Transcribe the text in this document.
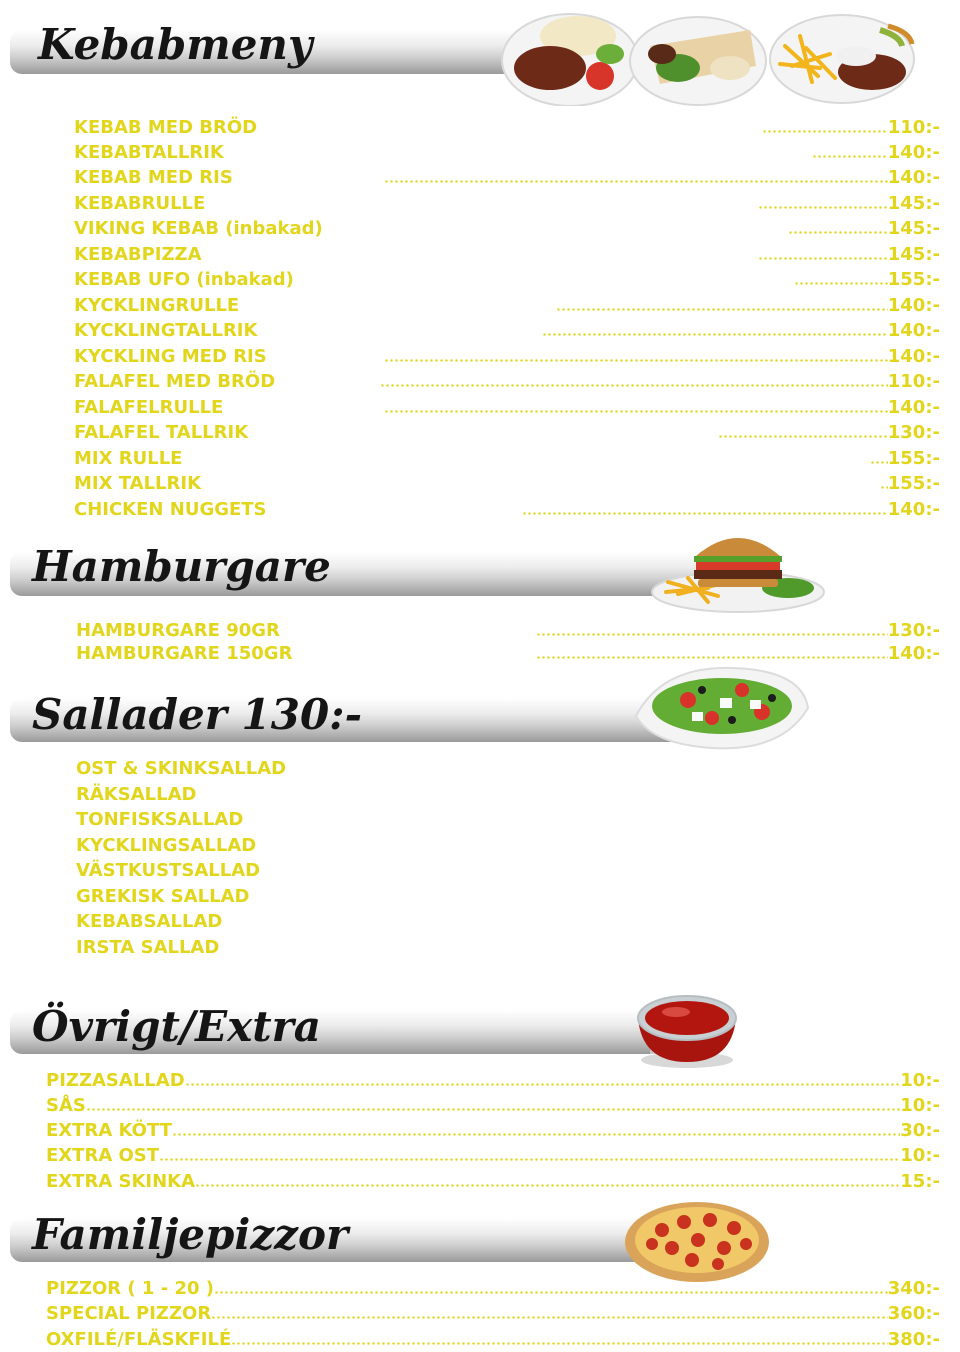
Kebabmeny
KEBAB MED BRÖD	110:-
KEBABTALLRIK	140:-
KEBAB MED RIS	140:-
KEBABRULLE	145:-
VIKING KEBAB (inbakad)	145:-
KEBABPIZZA	145:-
KEBAB UFO (inbakad)	155:-
KYCKLINGRULLE	140:-
KYCKLINGTALLRIK	140:-
KYCKLING MED RIS	140:-
FALAFEL MED BRÖD	110:-
FALAFELRULLE	140:-
FALAFEL TALLRIK	130:-
MIX RULLE	155:-
MIX TALLRIK	155:-
CHICKEN NUGGETS	140:-
Hamburgare
HAMBURGARE 90GR	130:-
HAMBURGARE 150GR	140:-
Sallader 130:-
OST & SKINKSALLAD
RÄKSALLAD
TONFISKSALLAD
KYCKLINGSALLAD
VÄSTKUSTSALLAD
GREKISK SALLAD
KEBABSALLAD
IRSTA SALLAD
Övrigt/Extra
PIZZASALLAD	10:-
SÅS	10:-
EXTRA KÖTT	30:-
EXTRA OST	10:-
EXTRA SKINKA	15:-
Familjepizzor
PIZZOR ( 1 - 20 )	340:-
SPECIAL PIZZOR	360:-
OXFILÉ/FLÄSKFILÉ	380:-
